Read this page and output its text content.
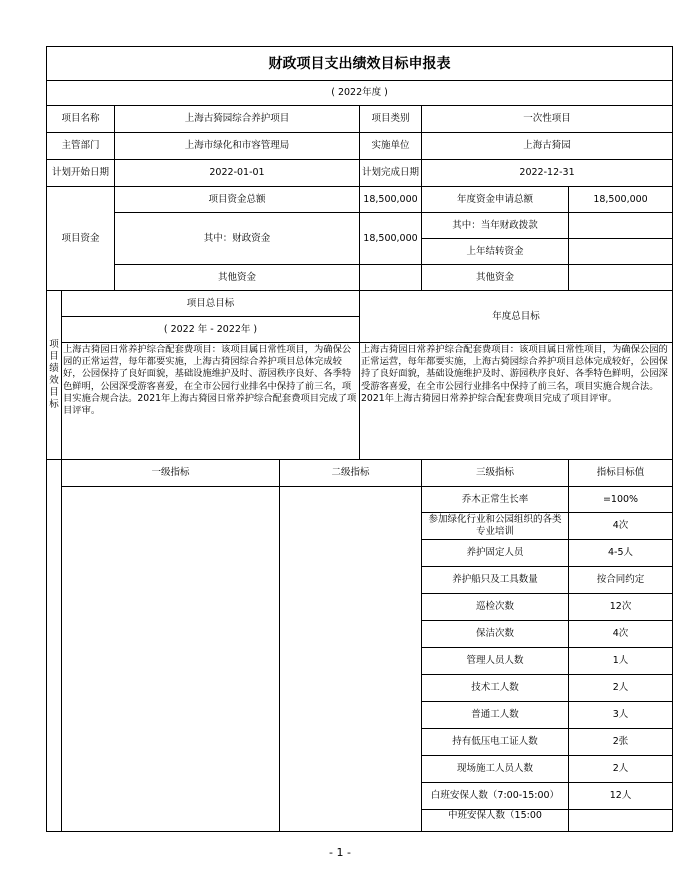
财政项目支出绩效目标申报表						
( 2022年度 )						
项目名称		上海古猗园综合养护项目		项目类别	一次性项目	
主管部门		上海市绿化和市容管理局		实施单位	上海古猗园	
计划开始日期		2022-01-01		计划完成日期	2022-12-31	
项目资金		项目资金总额		18,500,000	年度资金申请总额	18,500,000
		其中：财政资金		18,500,000	其中：当年财政拨款	
					上年结转资金	
		其他资金			其他资金	

项目绩效目标	项目总目标			年度总目标		
	( 2022 年 - 2022年 )					
	上海古猗园日常养护综合配套费项目：该项目属日常性项目，为确保公园的正常运营，每年都要实施，上海古猗园综合养护项目总体完成较好，公园保持了良好面貌，基础设施维护及时、游园秩序良好、各季特色鲜明，公园深受游客喜爱，在全市公园行业排名中保持了前三名，项目实施合规合法。2021年上海古猗园日常养护综合配套费项目完成了项目评审。			上海古猗园日常养护综合配套费项目：该项目属日常性项目，为确保公园的正常运营，每年都要实施，上海古猗园综合养护项目总体完成较好，公园保持了良好面貌，基础设施维护及时、游园秩序良好、各季特色鲜明，公园深受游客喜爱，在全市公园行业排名中保持了前三名，项目实施合规合法。2021年上海古猗园日常养护综合配套费项目完成了项目评审。		
	一级指标		二级指标		三级指标	指标目标值
					乔木正常生长率	=100%
					参加绿化行业和公园组织的各类专业培训	4次
					养护固定人员	4-5人
					养护船只及工具数量	按合同约定
					巡检次数	12次
					保洁次数	4次
					管理人员人数	1人
					技术工人数	2人
					普通工人数	3人
					持有低压电工证人数	2张
					现场施工人员人数	2人
					白班安保人数（7:00-15:00）	12人
					中班安保人数（15:00	
- 1 -
